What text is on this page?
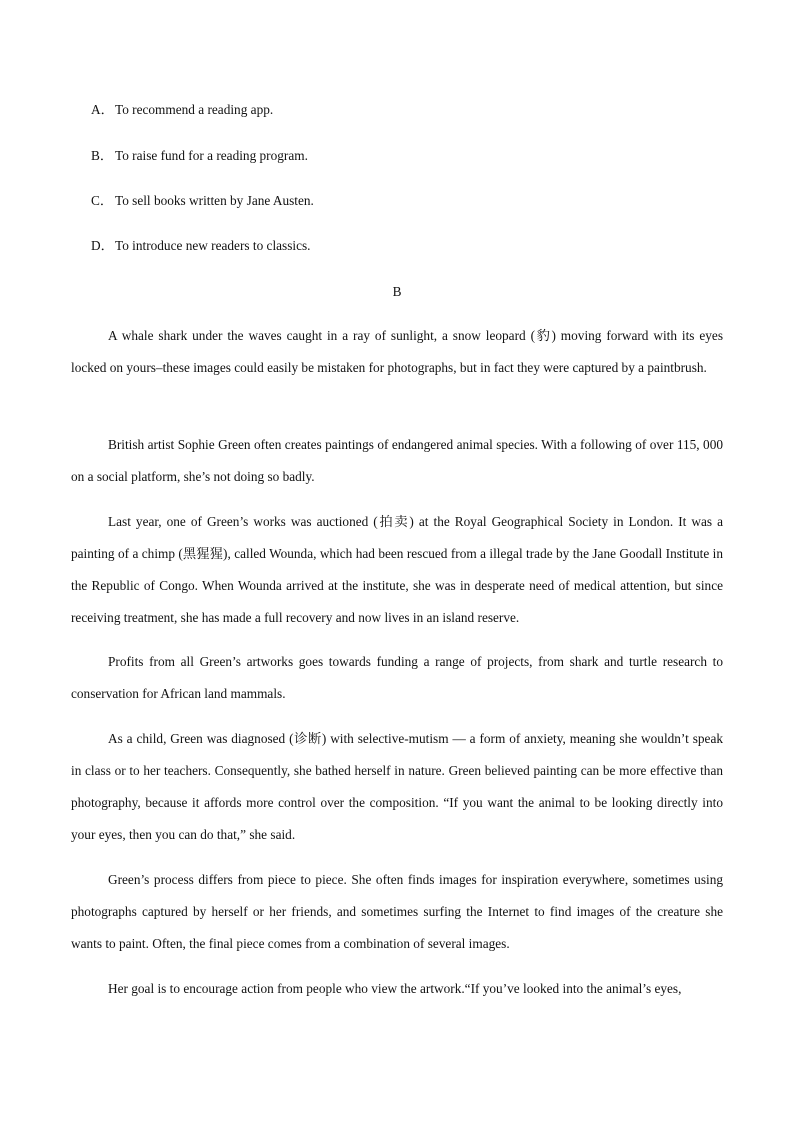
A．To recommend a reading app.
B． To raise fund for a reading program.
C． To sell books written by Jane Austen.
D．To introduce new readers to classics.
B

A whale shark under the waves caught in a ray of sunlight, a snow leopard (豹) moving forward with its eyes locked on yours–these images could easily be mistaken for photographs, but in fact they were captured by a paintbrush.

British artist Sophie Green often creates paintings of endangered animal species. With a following of over 115, 000 on a social platform, she’s not doing so badly.

Last year, one of Green’s works was auctioned (拍卖) at the Royal Geographical Society in London. It was a painting of a chimp (黑猩猩), called Wounda, which had been rescued from a illegal trade by the Jane Goodall Institute in the Republic of Congo. When Wounda arrived at the institute, she was in desperate need of medical attention, but since receiving treatment, she has made a full recovery and now lives in an island reserve.

Profits from all Green’s artworks goes towards funding a range of projects, from shark and turtle research to conservation for African land mammals.

As a child, Green was diagnosed (诊断) with selective-mutism — a form of anxiety, meaning she wouldn’t speak in class or to her teachers. Consequently, she bathed herself in nature. Green believed painting can be more effective than photography, because it affords more control over the composition. “If you want the animal to be looking directly into your eyes, then you can do that,” she said.

Green’s process differs from piece to piece. She often finds images for inspiration everywhere, sometimes using photographs captured by herself or her friends, and sometimes surfing the Internet to find images of the creature she wants to paint. Often, the final piece comes from a combination of several images.

Her goal is to encourage action from people who view the artwork.“If you’ve looked into the animal’s eyes,
